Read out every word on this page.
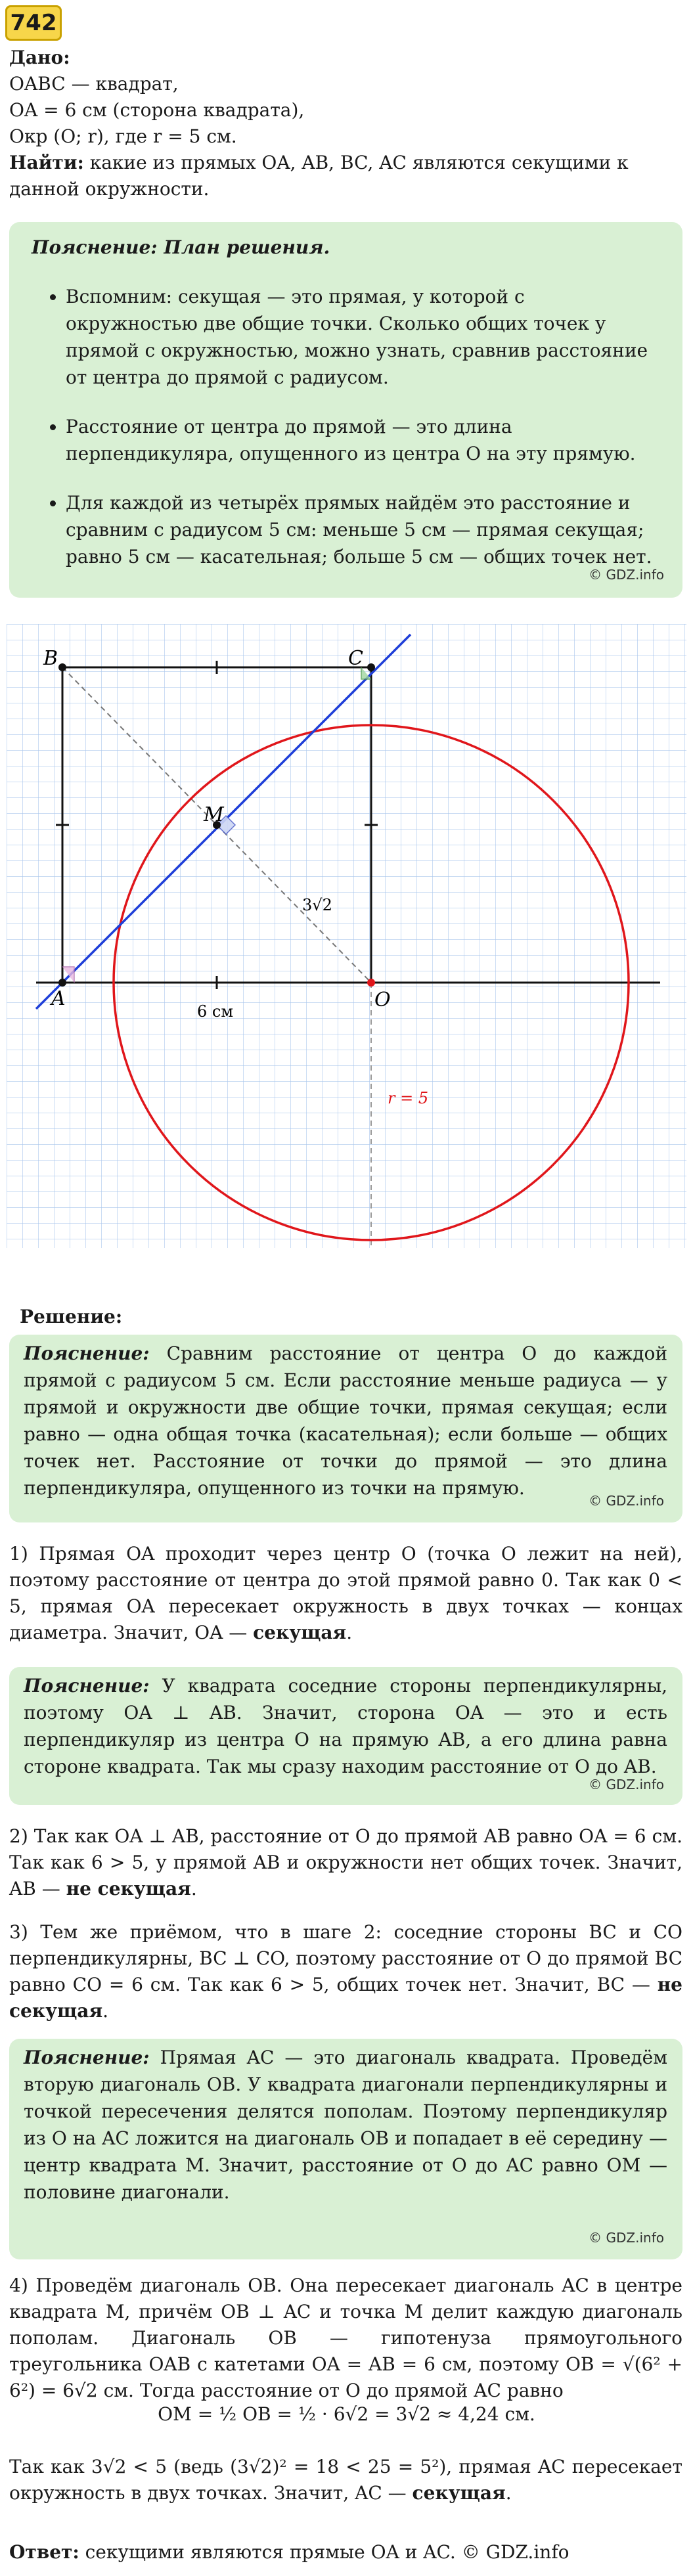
742

Дано:

OABC — квадрат,

OA = 6 см (сторона квадрата),

Окр (O; r), где r = 5 см.

Найти: какие из прямых OA, AB, BC, AC являются секущими к данной окружности.

Пояснение: План решения.
• Вспомним: секущая — это прямая, у которой с окружностью две общие точки. Сколько общих точек у прямой с окружностью, можно узнать, сравнив расстояние от центра до прямой с радиусом.
• Расстояние от центра до прямой — это длина перпендикуляра, опущенного из центра O на эту прямую.
• Для каждой из четырёх прямых найдём это расстояние и сравним с радиусом 5 см: меньше 5 см — прямая секущая; равно 5 см — касательная; больше 5 см — общих точек нет.
© GDZ.info
B	C
M
A	O
6 см
3√2
r = 5
Решение:
Пояснение: Сравним расстояние от центра O до каждой прямой с радиусом 5 см. Если расстояние меньше радиуса — у прямой и окружности две общие точки, прямая секущая; если равно — одна общая точка (касательная); если больше — общих точек нет. Расстояние от точки до прямой — это длина перпендикуляра, опущенного из точки на прямую.
© GDZ.info
1) Прямая OA проходит через центр O (точка O лежит на ней), поэтому расстояние от центра до этой прямой равно 0. Так как 0 < 5, прямая OA пересекает окружность в двух точках — концах диаметра. Значит, OA — секущая.
Пояснение: У квадрата соседние стороны перпендикулярны, поэтому OA ⊥ AB. Значит, сторона OA — это и есть перпендикуляр из центра O на прямую AB, а его длина равна стороне квадрата. Так мы сразу находим расстояние от O до AB.
© GDZ.info
2) Так как OA ⊥ AB, расстояние от O до прямой AB равно OA = 6 см. Так как 6 > 5, у прямой AB и окружности нет общих точек. Значит, AB — не секущая.
3) Тем же приёмом, что в шаге 2: соседние стороны BC и CO перпендикулярны, BC ⊥ CO, поэтому расстояние от O до прямой BC равно CO = 6 см. Так как 6 > 5, общих точек нет. Значит, BC — не секущая.
Пояснение: Прямая AC — это диагональ квадрата. Проведём вторую диагональ OB. У квадрата диагонали перпендикулярны и точкой пересечения делятся пополам. Поэтому перпендикуляр из O на AC ложится на диагональ OB и попадает в её середину — центр квадрата M. Значит, расстояние от O до AC равно OM — половине диагонали.
© GDZ.info
4) Проведём диагональ OB. Она пересекает диагональ AC в центре квадрата M, причём OB ⊥ AC и точка M делит каждую диагональ пополам. Диагональ OB — гипотенуза прямоугольного треугольника OAB с катетами OA = AB = 6 см, поэтому OB = √(6² + 6²) = 6√2 см. Тогда расстояние от O до прямой AC равно
OM = ½ OB = ½ · 6√2 = 3√2 ≈ 4,24 см.
Так как 3√2 < 5 (ведь (3√2)² = 18 < 25 = 5²), прямая AC пересекает окружность в двух точках. Значит, AC — секущая.
Ответ: секущими являются прямые OA и AC. © GDZ.info
